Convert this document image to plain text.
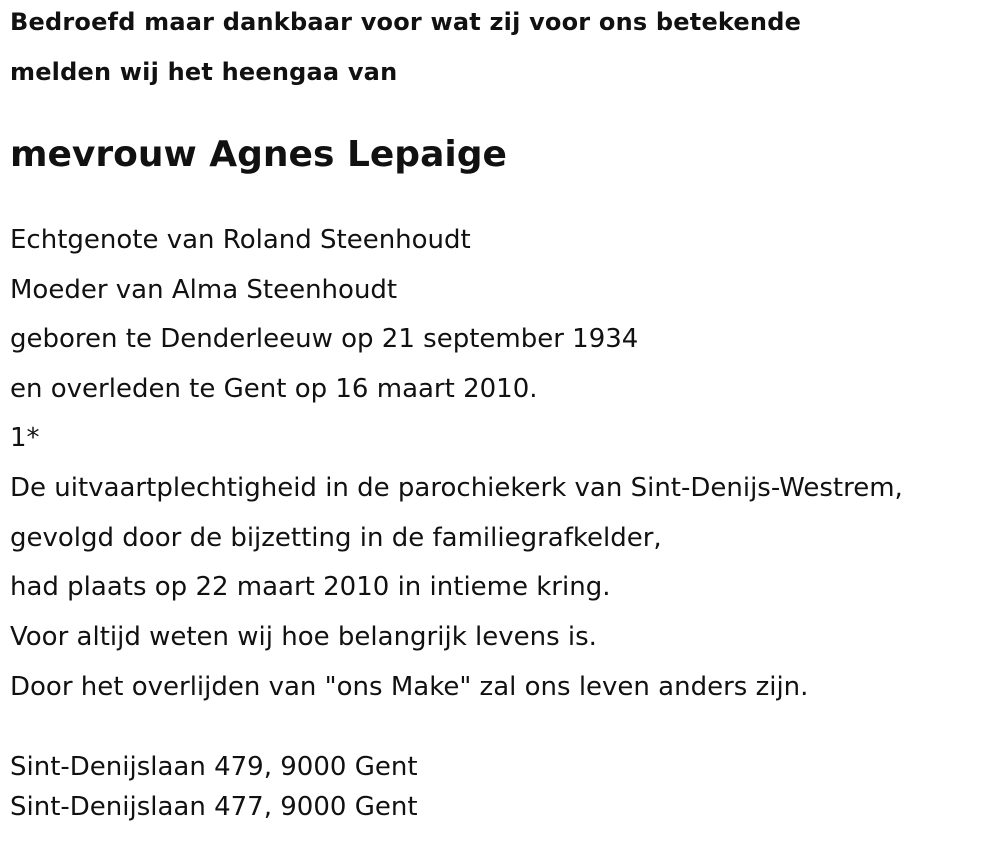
Bedroefd maar dankbaar voor wat zij voor ons betekende
melden wij het heengaa van
mevrouw Agnes Lepaige
Echtgenote van Roland Steenhoudt
Moeder van Alma Steenhoudt
geboren te Denderleeuw op 21 september 1934
en overleden te Gent op 16 maart 2010.
1*
De uitvaartplechtigheid in de parochiekerk van Sint-Denijs-Westrem,
gevolgd door de bijzetting in de familiegrafkelder,
had plaats op 22 maart 2010 in intieme kring.
Voor altijd weten wij hoe belangrijk levens is.
Door het overlijden van "ons Make" zal ons leven anders zijn.
Sint-Denijslaan 479, 9000 Gent
Sint-Denijslaan 477, 9000 Gent
